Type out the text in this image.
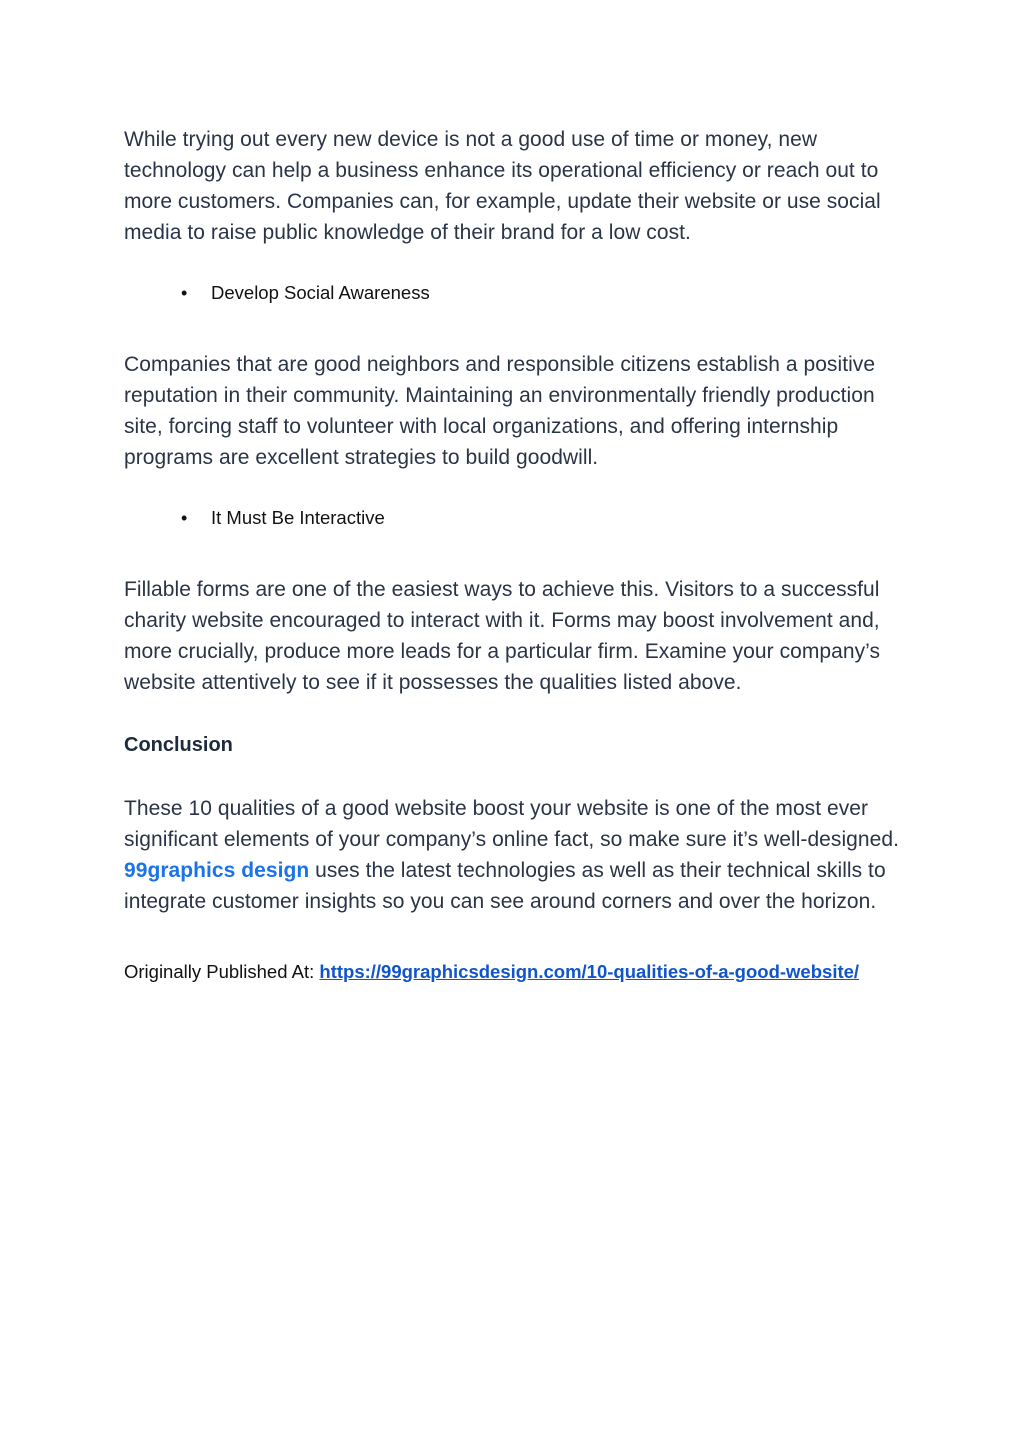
While trying out every new device is not a good use of time or money, new technology can help a business enhance its operational efficiency or reach out to more customers. Companies can, for example, update their website or use social media to raise public knowledge of their brand for a low cost.

• Develop Social Awareness

Companies that are good neighbors and responsible citizens establish a positive reputation in their community. Maintaining an environmentally friendly production site, forcing staff to volunteer with local organizations, and offering internship programs are excellent strategies to build goodwill.

• It Must Be Interactive

Fillable forms are one of the easiest ways to achieve this. Visitors to a successful charity website encouraged to interact with it. Forms may boost involvement and, more crucially, produce more leads for a particular firm. Examine your company’s website attentively to see if it possesses the qualities listed above.

Conclusion

These 10 qualities of a good website boost your website is one of the most ever significant elements of your company’s online fact, so make sure it’s well-designed. 99graphics design uses the latest technologies as well as their technical skills to integrate customer insights so you can see around corners and over the horizon.

Originally Published At: https://99graphicsdesign.com/10-qualities-of-a-good-website/
